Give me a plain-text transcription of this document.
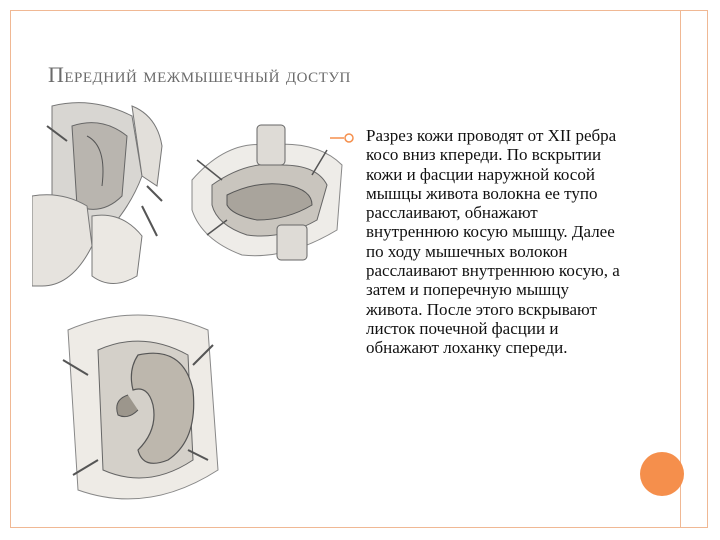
Передний межмышечный доступ
Разрез кожи проводят от XII ребра косо вниз кпереди. По вскрытии кожи и фасции наружной косой мышцы живота волокна ее тупо расслаивают, обнажают внутреннюю косую мышцу. Далее по ходу мышечных волокон расслаивают внутреннюю косую, а затем и поперечную мышцу живота. После этого вскрывают листок почечной фасции и обнажают лоханку спереди.
